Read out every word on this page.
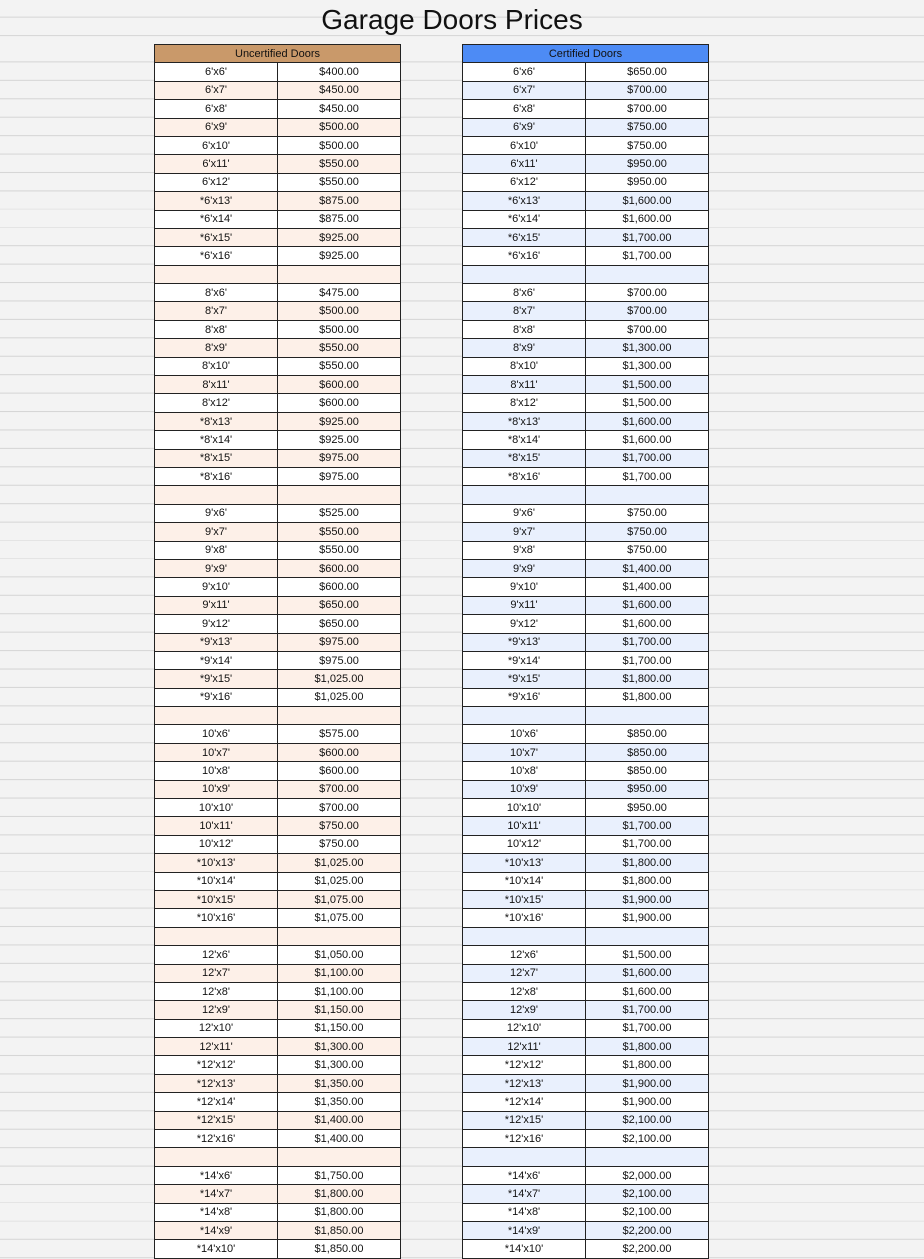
Garage Doors Prices
Uncertified Doors	
6'x6'	$400.00
6'x7'	$450.00
6'x8'	$450.00
6'x9'	$500.00
6'x10'	$500.00
6'x11'	$550.00
6'x12'	$550.00
*6'x13'	$875.00
*6'x14'	$875.00
*6'x15'	$925.00
*6'x16'	$925.00

8'x6'	$475.00
8'x7'	$500.00
8'x8'	$500.00
8'x9'	$550.00
8'x10'	$550.00
8'x11'	$600.00
8'x12'	$600.00
*8'x13'	$925.00
*8'x14'	$925.00
*8'x15'	$975.00
*8'x16'	$975.00

9'x6'	$525.00
9'x7'	$550.00
9'x8'	$550.00
9'x9'	$600.00
9'x10'	$600.00
9'x11'	$650.00
9'x12'	$650.00
*9'x13'	$975.00
*9'x14'	$975.00
*9'x15'	$1,025.00
*9'x16'	$1,025.00

10'x6'	$575.00
10'x7'	$600.00
10'x8'	$600.00
10'x9'	$700.00
10'x10'	$700.00
10'x11'	$750.00
10'x12'	$750.00
*10'x13'	$1,025.00
*10'x14'	$1,025.00
*10'x15'	$1,075.00
*10'x16'	$1,075.00

12'x6'	$1,050.00
12'x7'	$1,100.00
12'x8'	$1,100.00
12'x9'	$1,150.00
12'x10'	$1,150.00
12'x11'	$1,300.00
*12'x12'	$1,300.00
*12'x13'	$1,350.00
*12'x14'	$1,350.00
*12'x15'	$1,400.00
*12'x16'	$1,400.00

*14'x6'	$1,750.00
*14'x7'	$1,800.00
*14'x8'	$1,800.00
*14'x9'	$1,850.00
*14'x10'	$1,850.00
Certified Doors	
6'x6'	$650.00
6'x7'	$700.00
6'x8'	$700.00
6'x9'	$750.00
6'x10'	$750.00
6'x11'	$950.00
6'x12'	$950.00
*6'x13'	$1,600.00
*6'x14'	$1,600.00
*6'x15'	$1,700.00
*6'x16'	$1,700.00

8'x6'	$700.00
8'x7'	$700.00
8'x8'	$700.00
8'x9'	$1,300.00
8'x10'	$1,300.00
8'x11'	$1,500.00
8'x12'	$1,500.00
*8'x13'	$1,600.00
*8'x14'	$1,600.00
*8'x15'	$1,700.00
*8'x16'	$1,700.00

9'x6'	$750.00
9'x7'	$750.00
9'x8'	$750.00
9'x9'	$1,400.00
9'x10'	$1,400.00
9'x11'	$1,600.00
9'x12'	$1,600.00
*9'x13'	$1,700.00
*9'x14'	$1,700.00
*9'x15'	$1,800.00
*9'x16'	$1,800.00

10'x6'	$850.00
10'x7'	$850.00
10'x8'	$850.00
10'x9'	$950.00
10'x10'	$950.00
10'x11'	$1,700.00
10'x12'	$1,700.00
*10'x13'	$1,800.00
*10'x14'	$1,800.00
*10'x15'	$1,900.00
*10'x16'	$1,900.00

12'x6'	$1,500.00
12'x7'	$1,600.00
12'x8'	$1,600.00
12'x9'	$1,700.00
12'x10'	$1,700.00
12'x11'	$1,800.00
*12'x12'	$1,800.00
*12'x13'	$1,900.00
*12'x14'	$1,900.00
*12'x15'	$2,100.00
*12'x16'	$2,100.00

*14'x6'	$2,000.00
*14'x7'	$2,100.00
*14'x8'	$2,100.00
*14'x9'	$2,200.00
*14'x10'	$2,200.00
